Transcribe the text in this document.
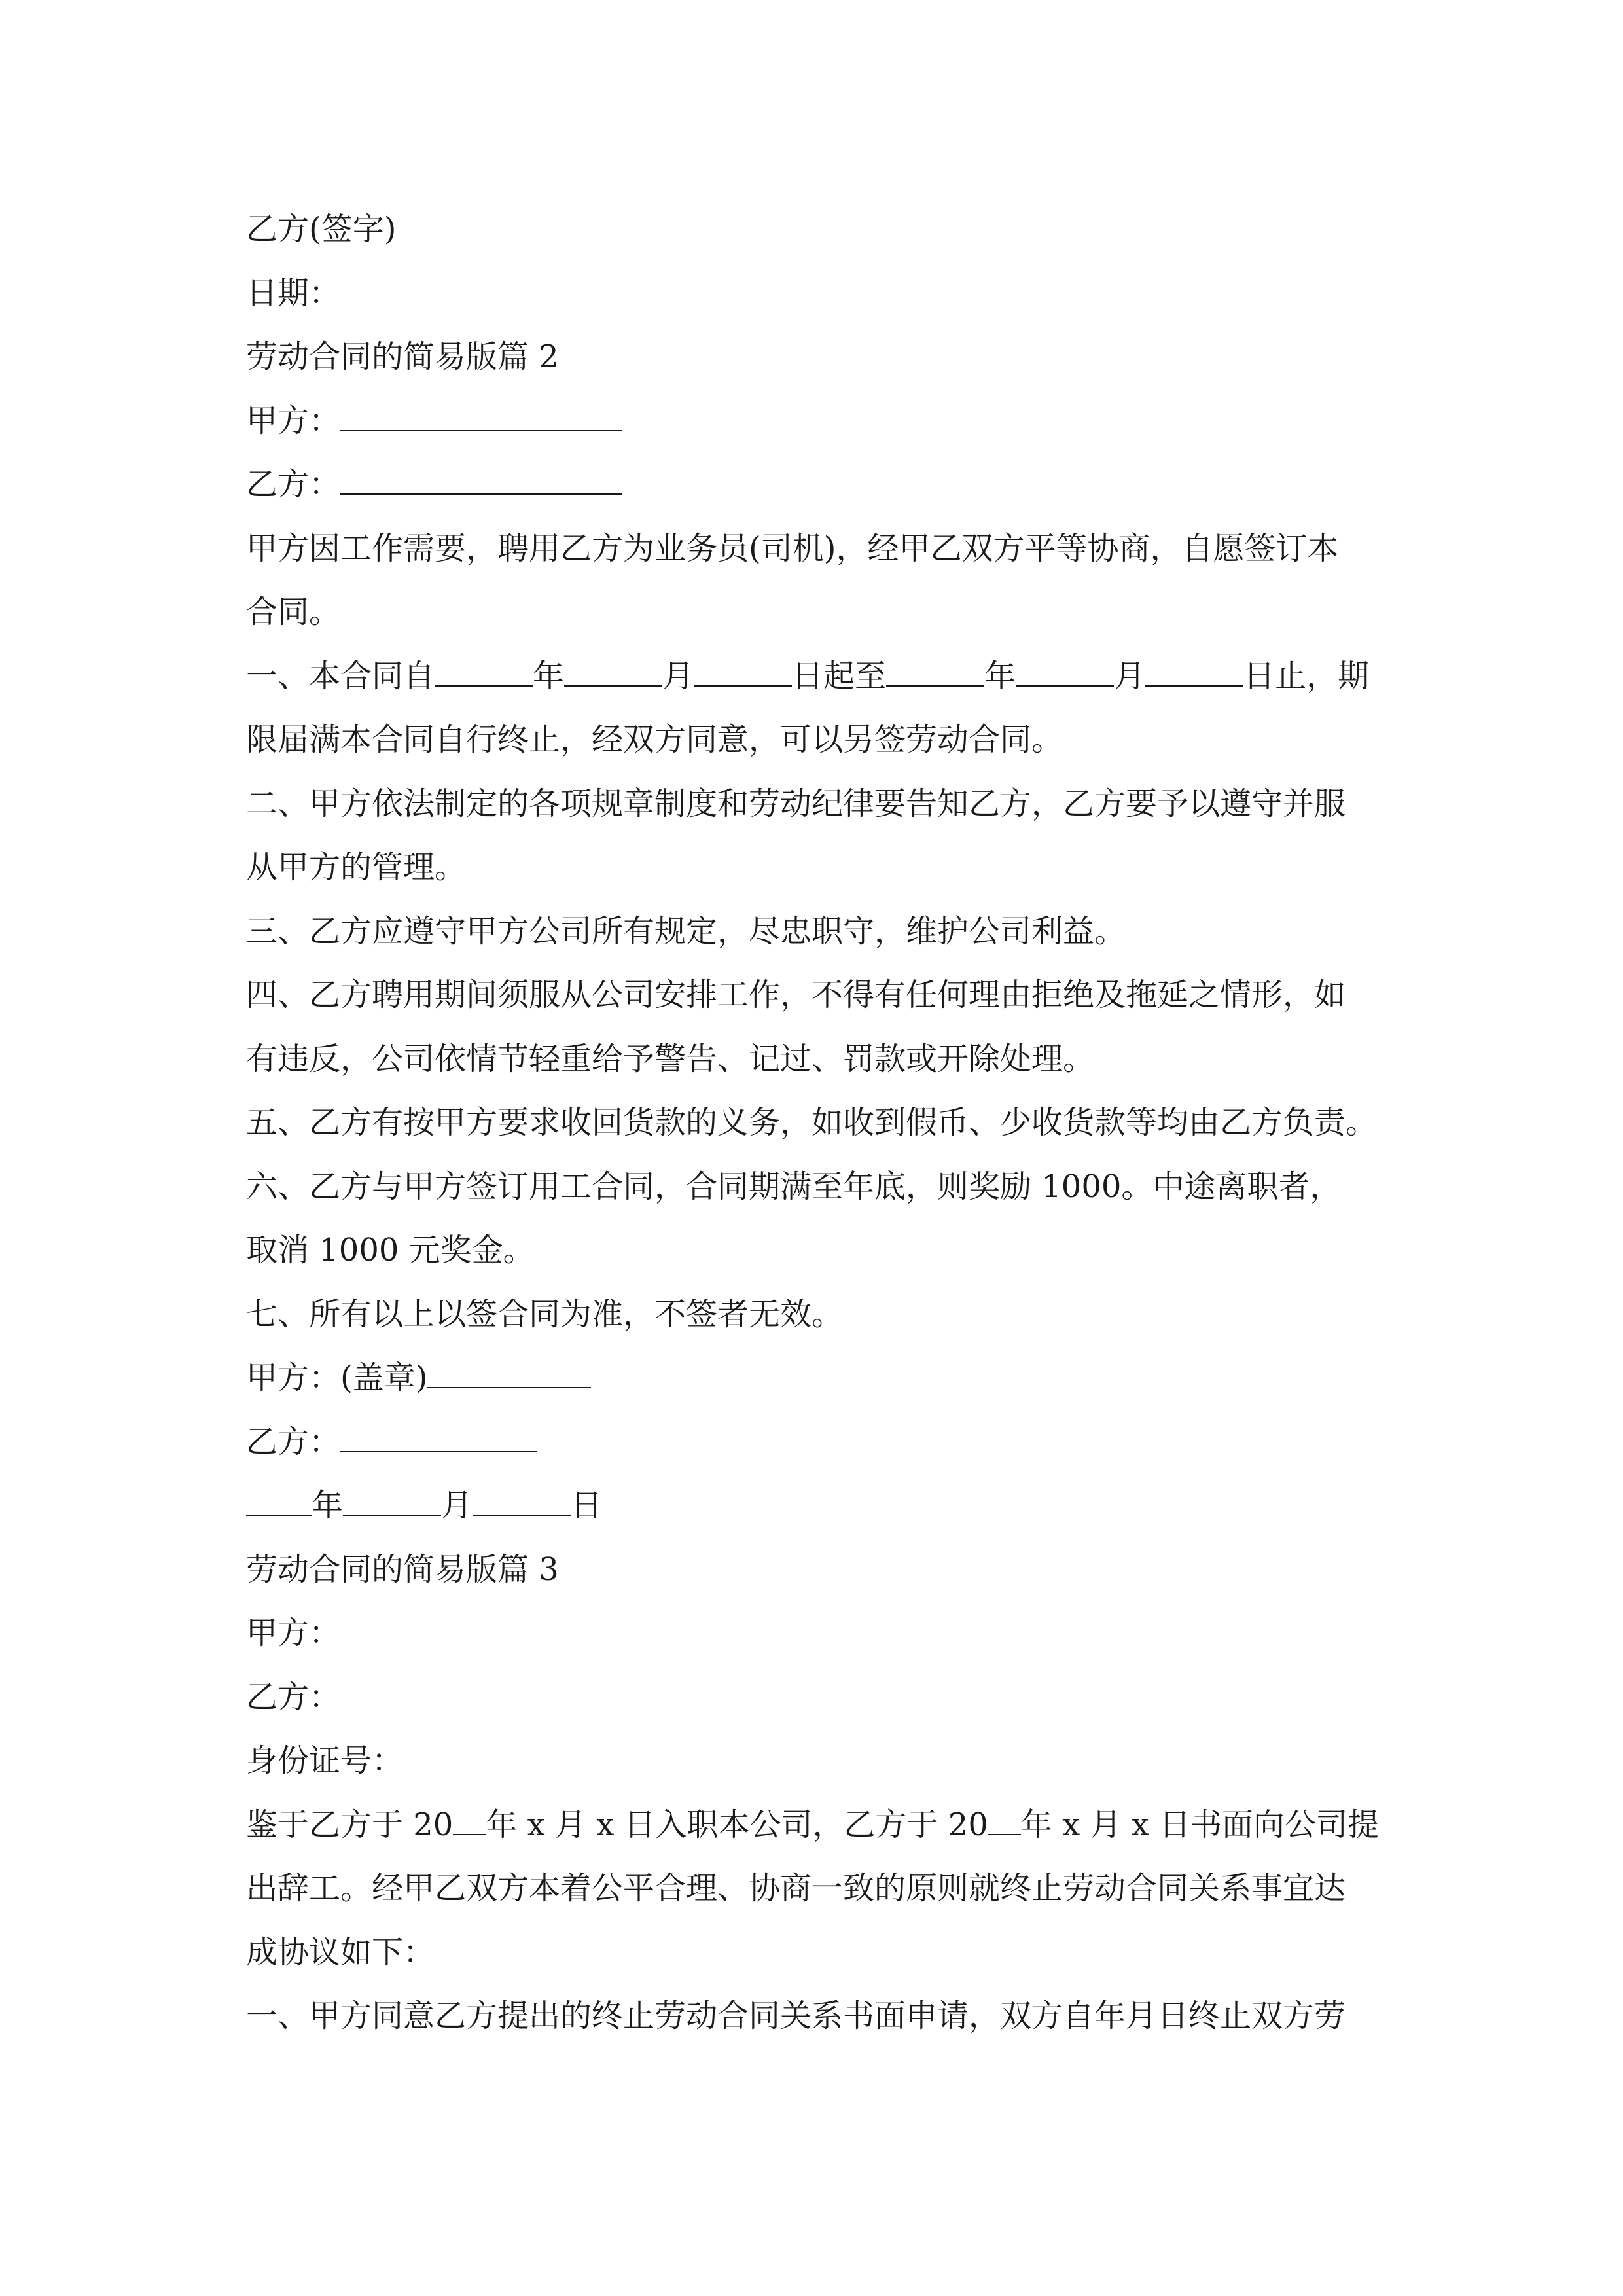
乙方(签字)
日期：
劳动合同的简易版篇 2
甲方：
乙方：
甲方因工作需要，聘用乙方为业务员(司机)，经甲乙双方平等协商，自愿签订本
合同。
一、本合同自	年	月	日起至	年	月	日止，期
限届满本合同自行终止，经双方同意，可以另签劳动合同。
二、甲方依法制定的各项规章制度和劳动纪律要告知乙方，乙方要予以遵守并服
从甲方的管理。
三、乙方应遵守甲方公司所有规定，尽忠职守，维护公司利益。
四、乙方聘用期间须服从公司安排工作，不得有任何理由拒绝及拖延之情形，如
有违反，公司依情节轻重给予警告、记过、罚款或开除处理。
五、乙方有按甲方要求收回货款的义务，如收到假币、少收货款等均由乙方负责。
六、乙方与甲方签订用工合同，合同期满至年底，则奖励 1000。中途离职者，
取消 1000 元奖金。
七、所有以上以签合同为准，不签者无效。
甲方：(盖章)
乙方：
年	月	日
劳动合同的简易版篇 3
甲方：
乙方：
身份证号：
鉴于乙方于 20 年 x 月 x 日入职本公司，乙方于 20 年 x 月 x 日书面向公司提
出辞工。经甲乙双方本着公平合理、协商一致的原则就终止劳动合同关系事宜达
成协议如下：
一、甲方同意乙方提出的终止劳动合同关系书面申请，双方自年月日终止双方劳
